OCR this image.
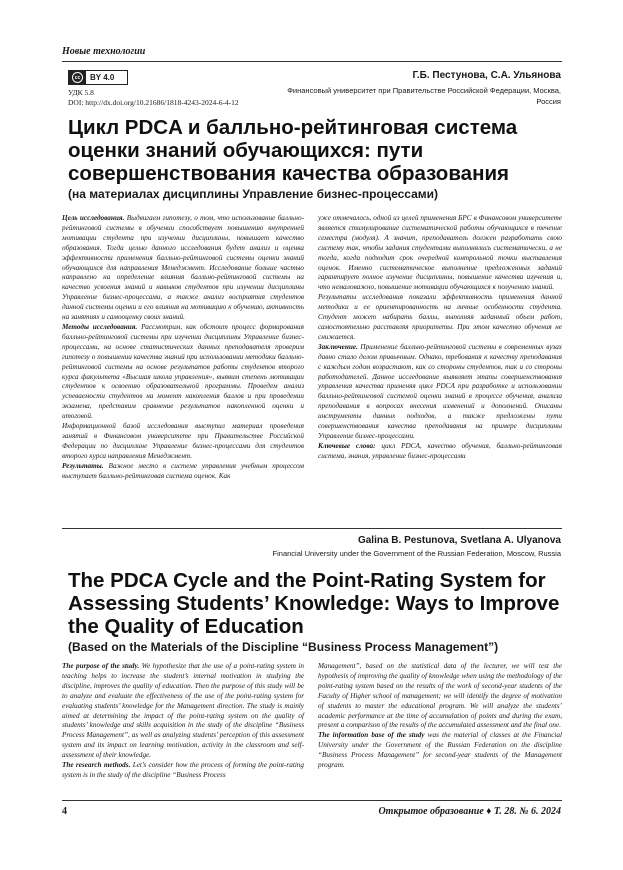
Новые технологии
cc	BY 4.0
УДК 5.8
DOI: http://dx.doi.org/10.21686/1818-4243-2024-6-4-12
Г.Б. Пестунова, С.А. Ульянова
Финансовый университет при Правительстве Российской Федерации, Москва, Россия
Цикл PDCA и балльно-рейтинговая система оценки знаний обучающихся: пути совершенствования качества образования
(на материалах дисциплины Управление бизнес-процессами)

Цель исследования. Выдвигаем гипотезу, о том, что использование балльно-рейтинговой системы в обучении способствует повышению внутренней мотивации студента при изучении дисциплины, повышает качество образования. Тогда целью данного исследования будет анализ и оценка эффективности применения балльно-рейтинговой системы оценки знаний обучающихся для направления Менеджмент. Исследование больше частью направлено на определение влияния балльно-рейтинговой системы на качество усвоения знаний и навыков студентов при изучении дисциплины Управление бизнес-процессами, а также анализ восприятия студентов данной системы оценки и его влияния на мотивацию к обучению, активность на занятиях и самооценку своих знаний.

Методы исследования. Рассмотрим, как обстоит процесс формирования балльно-рейтинговой системы при изучении дисциплины Управление бизнес-процессами, на основе статистических данных преподавателя проверим гипотезу о повышении качества знаний при использовании методики балльно-рейтинговой системы на основе результатов работы студентов второго курса факультета «Высшая школа управления», выявим степень мотивации студентов к освоению образовательной программы. Проведем анализ успеваемости студентов на момент накопления баллов и при проведении экзамена, представим сравнение результатов накопленной оценки и итоговой.

Информационной базой исследования выступил материал проведения занятий в Финансовом университете при Правительстве Российской Федерации по дисциплине Управление бизнес-процессами для студентов второго курса направления Менеджмент.

Результаты. Важное место в системе управления учебным процессом выступает балльно-рейтинговая система оценок. Как

уже отмечалось, одной из целей применения БРС в Финансовом университете является стимулирование систематической работы обучающихся в течение семестра (модуля). А значит, преподаватель должен разработать свою систему так, чтобы задания студентами выполнялись систематически, а не тогда, когда подходит срок очередной контрольной точки выставления оценок. Именно систематическое выполнение предложенных заданий гарантирует полное изучение дисциплины, повышение качества изучения и, что немаловажно, повышение мотивации обучающихся к получению знаний.

Результаты исследования показали эффективность применения данной методики и ее ориентированность на личные особенности студента. Студент может набирать баллы, выполняя заданный объем работ, самостоятельно расставляя приоритеты. При этом качество обучения не снижается.

Заключение. Применение балльно-рейтинговой системы в современных вузах давно стало делом привычным. Однако, требования к качеству преподавания с каждым годом возрастают, как со стороны студентов, так и со стороны работодателей. Данное исследование выявляет этапы совершенствования управления качества применяя цикл PDCA при разработке и использовании балльно-рейтинговой системой оценки знаний в процессе обучения, анализа преподавания в вопросах внесения изменений и дополнений. Описаны инструменты данных подходов, а также предложены пути совершенствования качества преподавания на примере дисциплины Управление бизнес-процессами.

Ключевые слова: цикл PDCA, качество обучения, балльно-рейтинговая система, знания, управление бизнес-процессами

Galina B. Pestunova, Svetlana A. Ulyanova
Financial University under the Government of the Russian Federation, Moscow, Russia
The PDCA Cycle and the Point-Rating System for Assessing Students’ Knowledge: Ways to Improve the Quality of Education
(Based on the Materials of the Discipline “Business Process Management”)

The purpose of the study. We hypothesize that the use of a point-rating system in teaching helps to increase the student’s internal motivation in studying the discipline, improves the quality of education. Then the purpose of this study will be to analyze and evaluate the effectiveness of the use of the point-rating system for evaluating students’ knowledge for the Management direction. The study is mainly aimed at determining the impact of the point-rating system on the quality of students’ knowledge and skills acquisition in the study of the discipline “Business Process Management”, as well as analyzing students’ perception of this assessment system and its impact on learning motivation, activity in the classroom and self-assessment of their knowledge.

The research methods. Let’s consider how the process of forming the point-rating system is in the study of the discipline “Business Process

Management”, based on the statistical data of the lecturer, we will test the hypothesis of improving the quality of knowledge when using the methodology of the point-rating system based on the results of the work of second-year students of the Faculty of Higher school of management; we will identify the degree of motivation of students to master the educational program. We will analyze the students’ academic performance at the time of accumulation of points and during the exam, present a comparison of the results of the accumulated assessment and the final one.

The information base of the study was the material of classes at the Financial University under the Government of the Russian Federation on the discipline “Business Process Management” for second-year students of the Management program.

4	Открытое образование ♦ Т. 28. № 6. 2024
